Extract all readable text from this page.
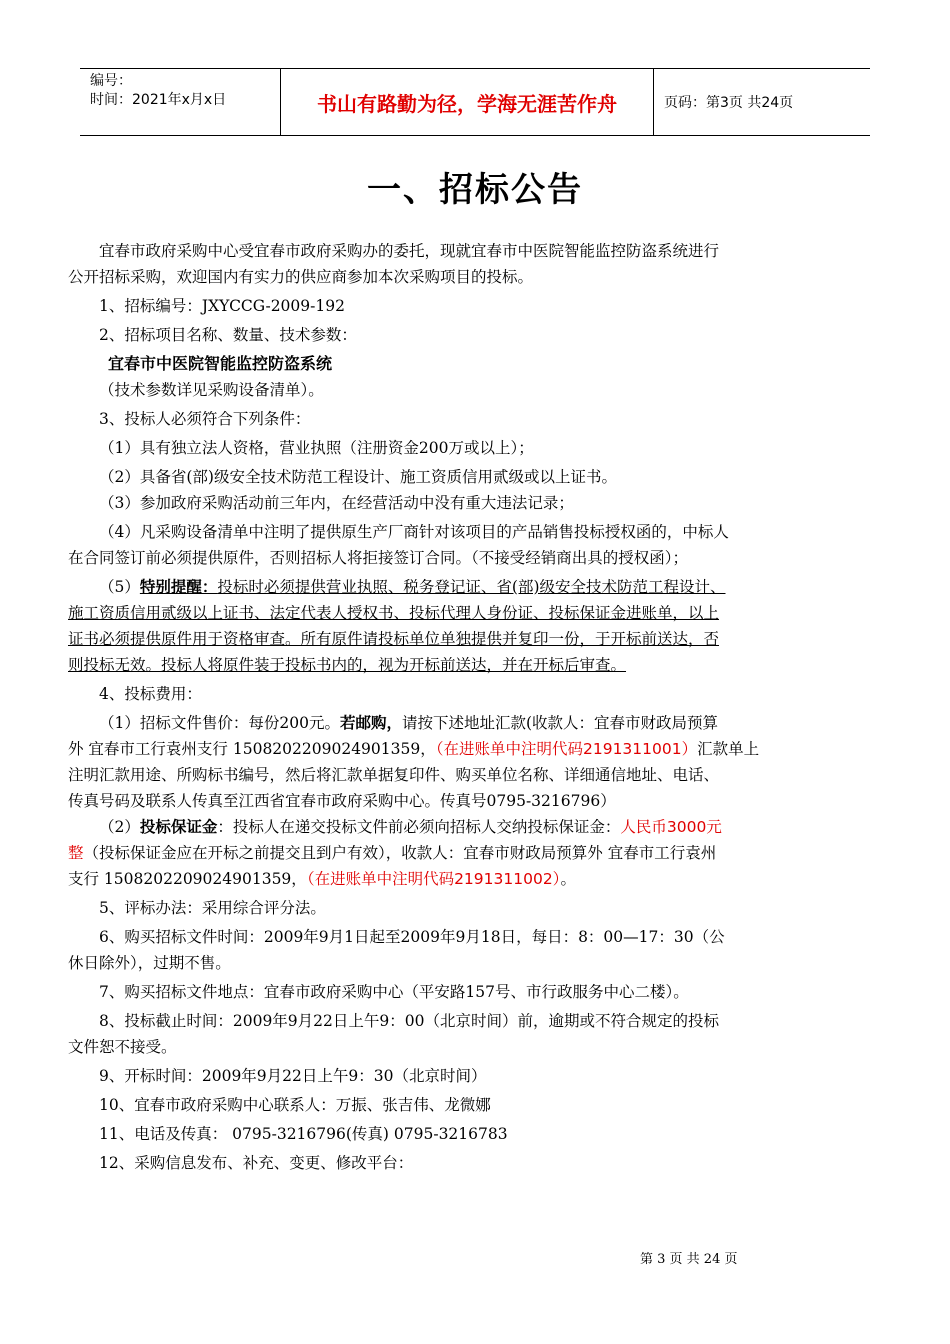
编号：
时间：2021年x月x日	书山有路勤为径，学海无涯苦作舟	页码：第3页 共24页
一、招标公告

宜春市政府采购中心受宜春市政府采购办的委托，现就宜春市中医院智能监控防盗系统进行

公开招标采购，欢迎国内有实力的供应商参加本次采购项目的投标。

1、招标编号：JXYCCG-2009-192

2、招标项目名称、数量、技术参数：

宜春市中医院智能监控防盗系统

（技术参数详见采购设备清单）。

3、投标人必须符合下列条件：

（1）具有独立法人资格，营业执照（注册资金200万或以上）；

（2）具备省(部)级安全技术防范工程设计、施工资质信用贰级或以上证书。

（3）参加政府采购活动前三年内，在经营活动中没有重大违法记录；

（4）凡采购设备清单中注明了提供原生产厂商针对该项目的产品销售投标授权函的，中标人

在合同签订前必须提供原件，否则招标人将拒接签订合同。（不接受经销商出具的授权函）；

（5）特别提醒：投标时必须提供营业执照、税务登记证、省(部)级安全技术防范工程设计、

施工资质信用贰级以上证书、法定代表人授权书、投标代理人身份证、投标保证金进账单，以上

证书必须提供原件用于资格审查。所有原件请投标单位单独提供并复印一份，于开标前送达，否

则投标无效。投标人将原件装于投标书内的，视为开标前送达，并在开标后审查。

4、投标费用：

（1）招标文件售价：每份200元。若邮购，请按下述地址汇款(收款人：宜春市财政局预算

外 宜春市工行袁州支行 1508202209024901359，（在进账单中注明代码2191311001）汇款单上

注明汇款用途、所购标书编号，然后将汇款单据复印件、购买单位名称、详细通信地址、电话、

传真号码及联系人传真至江西省宜春市政府采购中心。传真号0795-3216796）

（2）投标保证金：投标人在递交投标文件前必须向招标人交纳投标保证金：人民币3000元

整（投标保证金应在开标之前提交且到户有效），收款人：宜春市财政局预算外 宜春市工行袁州

支行 1508202209024901359，（在进账单中注明代码2191311002）。

5、评标办法：采用综合评分法。

6、购买招标文件时间：2009年9月1日起至2009年9月18日，每日：8：00—17：30（公

休日除外），过期不售。

7、购买招标文件地点：宜春市政府采购中心（平安路157号、市行政服务中心二楼）。

8、投标截止时间：2009年9月22日上午9：00（北京时间）前，逾期或不符合规定的投标

文件恕不接受。

9、开标时间：2009年9月22日上午9：30（北京时间）

10、宜春市政府采购中心联系人：万振、张吉伟、龙微娜

11、电话及传真： 0795-3216796(传真) 0795-3216783

12、采购信息发布、补充、变更、修改平台：

第 3 页 共 24 页
